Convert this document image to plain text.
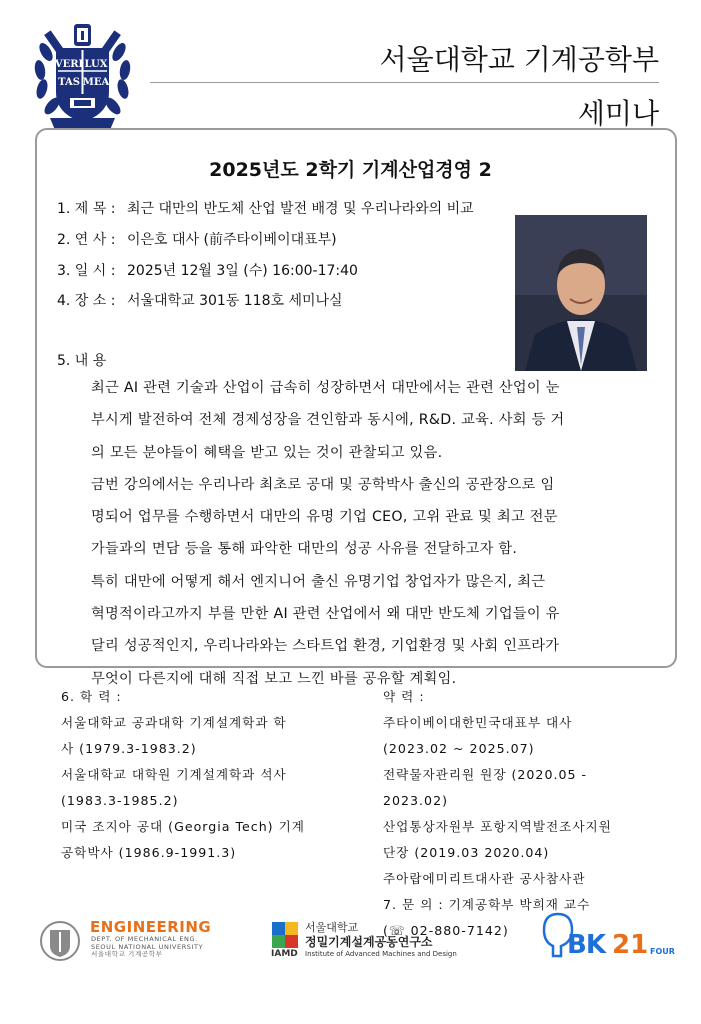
VERI LUX
TAS MEA
서울대학교 기계공학부
세미나
2025년도 2학기 기계산업경영 2
1. 제 목 : 최근 대만의 반도체 산업 발전 배경 및 우리나라와의 비교
2. 연 사 : 이은호 대사 (前주타이베이대표부)
3. 일 시 : 2025년 12월 3일 (수) 16:00-17:40
4. 장 소 : 서울대학교 301동 118호 세미나실
5. 내 용
최근 AI 관련 기술과 산업이 급속히 성장하면서 대만에서는 관련 산업이 눈
부시게 발전하여 전체 경제성장을 견인함과 동시에, R&D. 교육. 사회 등 거
의 모든 분야들이 혜택을 받고 있는 것이 관찰되고 있음.
금번 강의에서는 우리나라 최초로 공대 및 공학박사 출신의 공관장으로 임
명되어 업무를 수행하면서 대만의 유명 기업 CEO, 고위 관료 및 최고 전문
가들과의 면담 등을 통해 파악한 대만의 성공 사유를 전달하고자 함.
특히 대만에 어떻게 해서 엔지니어 출신 유명기업 창업자가 많은지, 최근
혁명적이라고까지 부를 만한 AI 관련 산업에서 왜 대만 반도체 기업들이 유
달리 성공적인지, 우리나라와는 스타트업 환경, 기업환경 및 사회 인프라가
무엇이 다른지에 대해 직접 보고 느낀 바를 공유할 계획임.
6. 학 력 :
서울대학교 공과대학 기계설계학과 학
사 (1979.3-1983.2)
서울대학교 대학원 기계설계학과 석사
(1983.3-1985.2)
미국 조지아 공대 (Georgia Tech) 기계
공학박사 (1986.9-1991.3)
약 력 :
주타이베이대한민국대표부 대사
(2023.02 ~ 2025.07)
전략물자관리원 원장 (2020.05 -
2023.02)
산업통상자원부 포항지역발전조사지원
단장 (2019.03 2020.04)
주아랍에미리트대사관 공사참사관
7. 문 의 : 기계공학부 박희재 교수
(☏ 02-880-7142)
ENGINEERING
DEPT. OF MECHANICAL ENG.
SEOUL NATIONAL UNIVERSITY
서울대학교 기계공학부	IAMD
서울대학교
정밀기계설계공동연구소
Institute of Advanced Machines and Design	BK 21 FOUR
